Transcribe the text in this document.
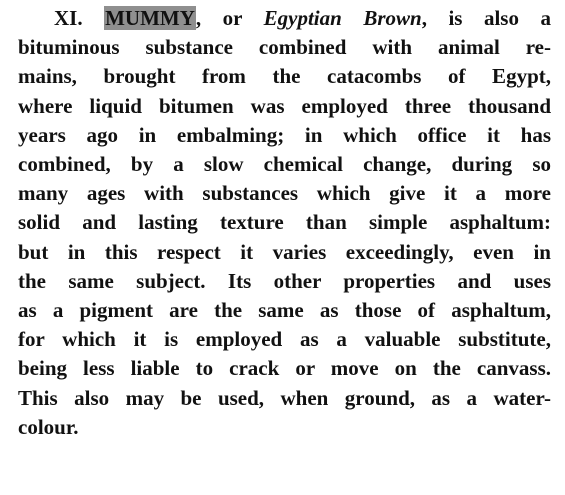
XI. MUMMY, or Egyptian Brown, is also a
bituminous substance combined with animal re-
mains, brought from the catacombs of Egypt,
where liquid bitumen was employed three thousand
years ago in embalming; in which office it has
combined, by a slow chemical change, during so
many ages with substances which give it a more
solid and lasting texture than simple asphaltum:
but in this respect it varies exceedingly, even in
the same subject. Its other properties and uses
as a pigment are the same as those of asphaltum,
for which it is employed as a valuable substitute,
being less liable to crack or move on the canvass.
This also may be used, when ground, as a water-
colour.
